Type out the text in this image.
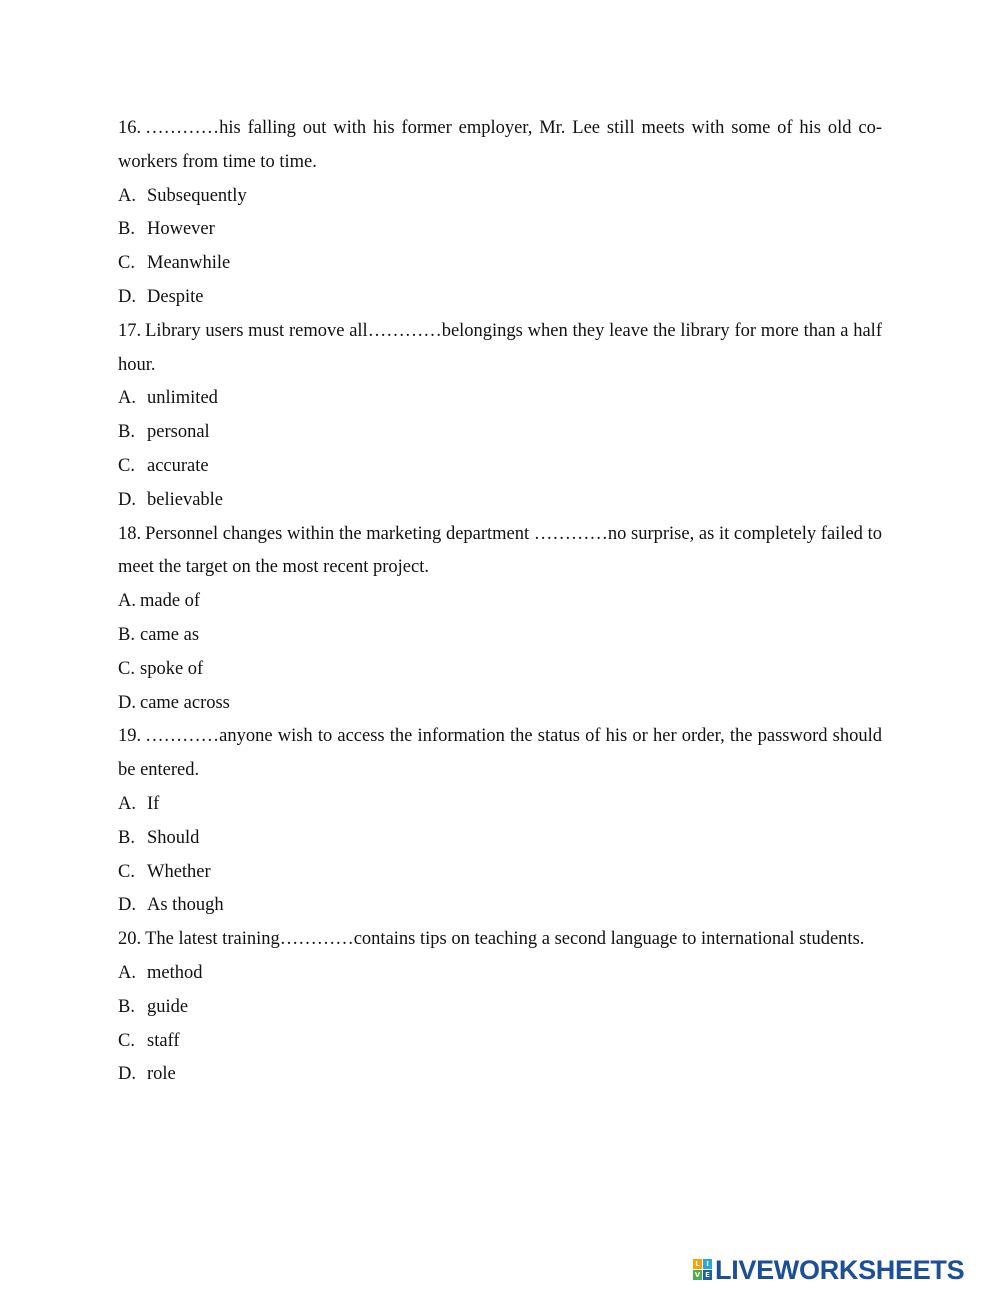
16. …………his falling out with his former employer, Mr. Lee still meets with some of his old co-workers from time to time.

A. Subsequently

B. However

C. Meanwhile

D. Despite

17. Library users must remove all…………belongings when they leave the library for more than a half hour.

A. unlimited

B. personal

C. accurate

D. believable

18. Personnel changes within the marketing department …………no surprise, as it completely failed to meet the target on the most recent project.

A. made of

B. came as

C. spoke of

D. came across

19. …………anyone wish to access the information the status of his or her order, the password should be entered.

A. If

B. Should

C. Whether

D. As though

20. The latest training…………contains tips on teaching a second language to international students.

A. method

B. guide

C. staff

D. role

L I
V E LIVEWORKSHEETS
